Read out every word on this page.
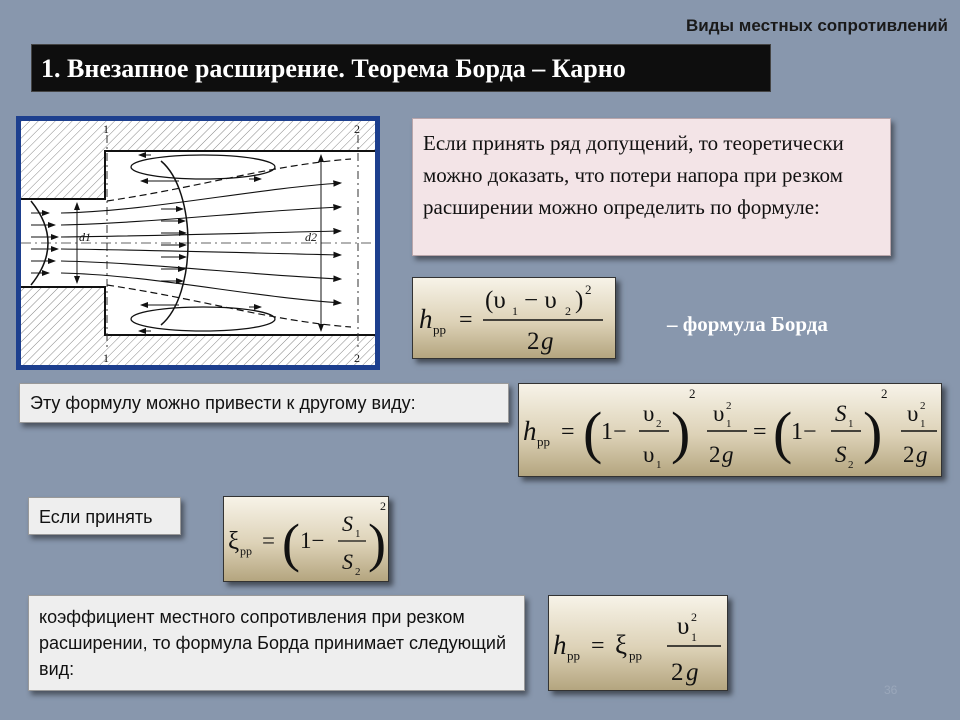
Виды местных сопротивлений
1. Внезапное расширение. Теорема Борда – Карно
1	2
1	2
d1	d2
Если принять ряд допущений, то теоретически можно доказать, что потери напора при резком расширении можно определить по формуле:
h рр =
(υ 1 − υ 2 ) 2
2 g
– формула Борда
Эту формулу можно привести к другому виду:
h рр = (
1−
υ 2
υ 1 )
2
υ 1
2
2 g
= (
1−
S 1
S 2 )
2
υ 1
2
2 g
Если принять
ξ рр = ( 1−
S 1
S 2 )
2
коэффициент местного сопротивления при резком расширении, то формула Борда принимает следующий вид:
h рр = ξ рр
υ 1
2
2 g
36
